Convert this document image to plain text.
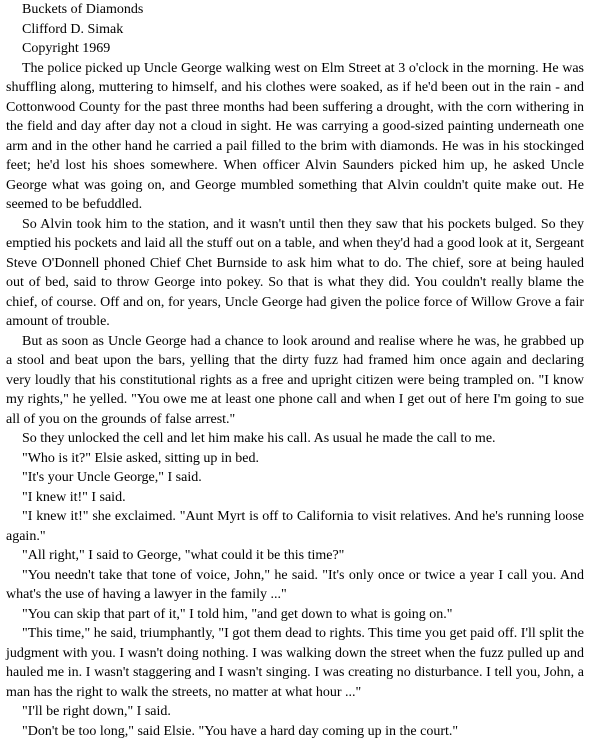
Buckets of Diamonds

Clifford D. Simak

Copyright 1969

The police picked up Uncle George walking west on Elm Street at 3 o'clock in the morning. He was shuffling along, muttering to himself, and his clothes were soaked, as if he'd been out in the rain - and Cottonwood County for the past three months had been suffering a drought, with the corn withering in the field and day after day not a cloud in sight. He was carrying a good-sized painting underneath one arm and in the other hand he carried a pail filled to the brim with diamonds. He was in his stockinged feet; he'd lost his shoes somewhere. When officer Alvin Saunders picked him up, he asked Uncle George what was going on, and George mumbled something that Alvin couldn't quite make out. He seemed to be befuddled.

So Alvin took him to the station, and it wasn't until then they saw that his pockets bulged. So they emptied his pockets and laid all the stuff out on a table, and when they'd had a good look at it, Sergeant Steve O'Donnell phoned Chief Chet Burnside to ask him what to do. The chief, sore at being hauled out of bed, said to throw George into pokey. So that is what they did. You couldn't really blame the chief, of course. Off and on, for years, Uncle George had given the police force of Willow Grove a fair amount of trouble.

But as soon as Uncle George had a chance to look around and realise where he was, he grabbed up a stool and beat upon the bars, yelling that the dirty fuzz had framed him once again and declaring very loudly that his constitutional rights as a free and upright citizen were being trampled on. "I know my rights," he yelled. "You owe me at least one phone call and when I get out of here I'm going to sue all of you on the grounds of false arrest."

So they unlocked the cell and let him make his call. As usual he made the call to me.

"Who is it?" Elsie asked, sitting up in bed.

"It's your Uncle George," I said.

"I knew it!" I said.

"I knew it!" she exclaimed. "Aunt Myrt is off to California to visit relatives. And he's running loose again."

"All right," I said to George, "what could it be this time?"

"You needn't take that tone of voice, John," he said. "It's only once or twice a year I call you. And what's the use of having a lawyer in the family ..."

"You can skip that part of it," I told him, "and get down to what is going on."

"This time," he said, triumphantly, "I got them dead to rights. This time you get paid off. I'll split the judgment with you. I wasn't doing nothing. I was walking down the street when the fuzz pulled up and hauled me in. I wasn't staggering and I wasn't singing. I was creating no disturbance. I tell you, John, a man has the right to walk the streets, no matter at what hour ..."

"I'll be right down," I said.

"Don't be too long," said Elsie. "You have a hard day coming up in the court."
